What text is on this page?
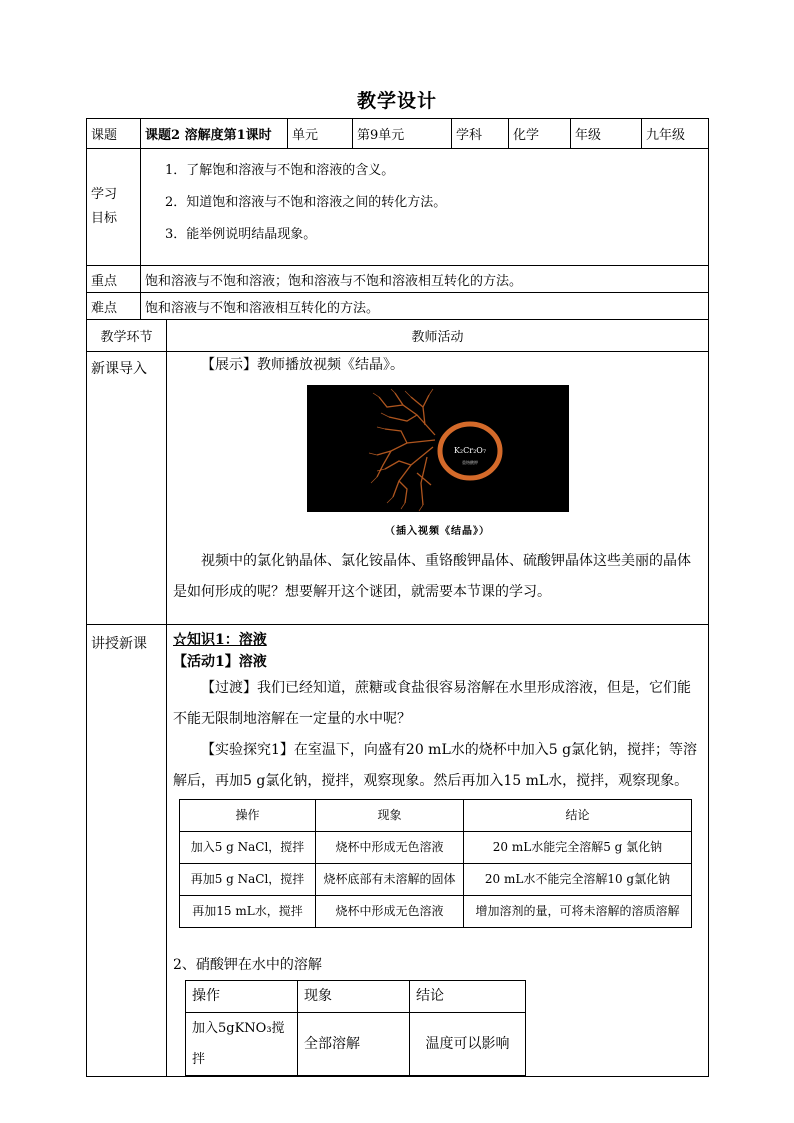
教学设计
课题	课题2 溶解度第1课时	单元	第9单元	学科	化学	年级	九年级

学习目标	1．了解饱和溶液与不饱和溶液的含义。
2．知道饱和溶液与不饱和溶液之间的转化方法。
3．能举例说明结晶现象。						

重点	饱和溶液与不饱和溶液；饱和溶液与不饱和溶液相互转化的方法。						
难点	饱和溶液与不饱和溶液相互转化的方法。						
教学环节	教师活动
新课导入	【展示】教师播放视频《结晶》。

K₂Cr₂O₇
重铬酸钾
（插入视频《结晶》）

视频中的氯化钠晶体、氯化铵晶体、重铬酸钾晶体、硫酸钾晶体这些美丽的晶体是如何形成的呢？想要解开这个谜团，就需要本节课的学习。

讲授新课	☆知识1：溶液

【活动1】溶液

【过渡】我们已经知道，蔗糖或食盐很容易溶解在水里形成溶液，但是，它们能不能无限制地溶解在一定量的水中呢？

【实验探究1】在室温下，向盛有20 mL水的烧杯中加入5 g氯化钠，搅拌；等溶解后，再加5 g氯化钠，搅拌，观察现象。然后再加入15 mL水，搅拌，观察现象。

操作	现象	结论
加入5 g NaCl，搅拌	烧杯中形成无色溶液	20 mL水能完全溶解5 g 氯化钠
再加5 g NaCl，搅拌	烧杯底部有未溶解的固体	20 mL水不能完全溶解10 g氯化钠
再加15 mL水，搅拌	烧杯中形成无色溶液	增加溶剂的量，可将未溶解的溶质溶解

2、硝酸钾在水中的溶解

操作	现象	结论
加入5gKNO₃搅拌	全部溶解	温度可以影响
